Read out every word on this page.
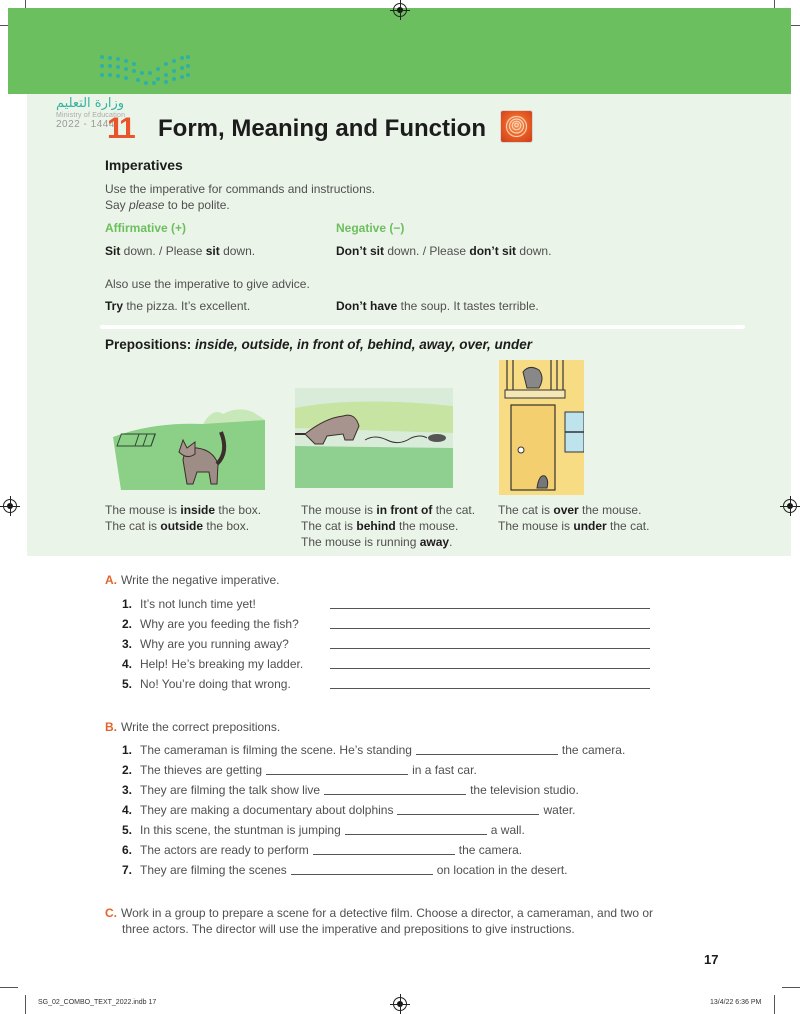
وزارة التعليم
Ministry of Education
2022 - 1444
11 Form, Meaning and Function
Imperatives
Use the imperative for commands and instructions.
Say please to be polite.
Affirmative (+)	Negative (−)
Sit down. / Please sit down.	Don’t sit down. / Please don’t sit down.
Also use the imperative to give advice.
Try the pizza. It’s excellent.	Don’t have the soup. It tastes terrible.
Prepositions: inside, outside, in front of, behind, away, over, under
The mouse is inside the box.
The cat is outside the box.
The mouse is in front of the cat.
The cat is behind the mouse.
The mouse is running away.
The cat is over the mouse.
The mouse is under the cat.
A. Write the negative imperative.
1. It’s not lunch time yet!
2. Why are you feeding the fish?
3. Why are you running away?
4. Help! He’s breaking my ladder.
5. No! You’re doing that wrong.
B. Write the correct prepositions.
1. The cameraman is filming the scene. He’s standing	the camera.
2. The thieves are getting	in a fast car.
3. They are filming the talk show live	the television studio.
4. They are making a documentary about dolphins	water.
5. In this scene, the stuntman is jumping	a wall.
6. The actors are ready to perform	the camera.
7. They are filming the scenes	on location in the desert.
C. Work in a group to prepare a scene for a detective film. Choose a director, a cameraman, and two or
three actors. The director will use the imperative and prepositions to give instructions.
17
SG_02_COMBO_TEXT_2022.indb 17	13/4/22 6:36 PM
